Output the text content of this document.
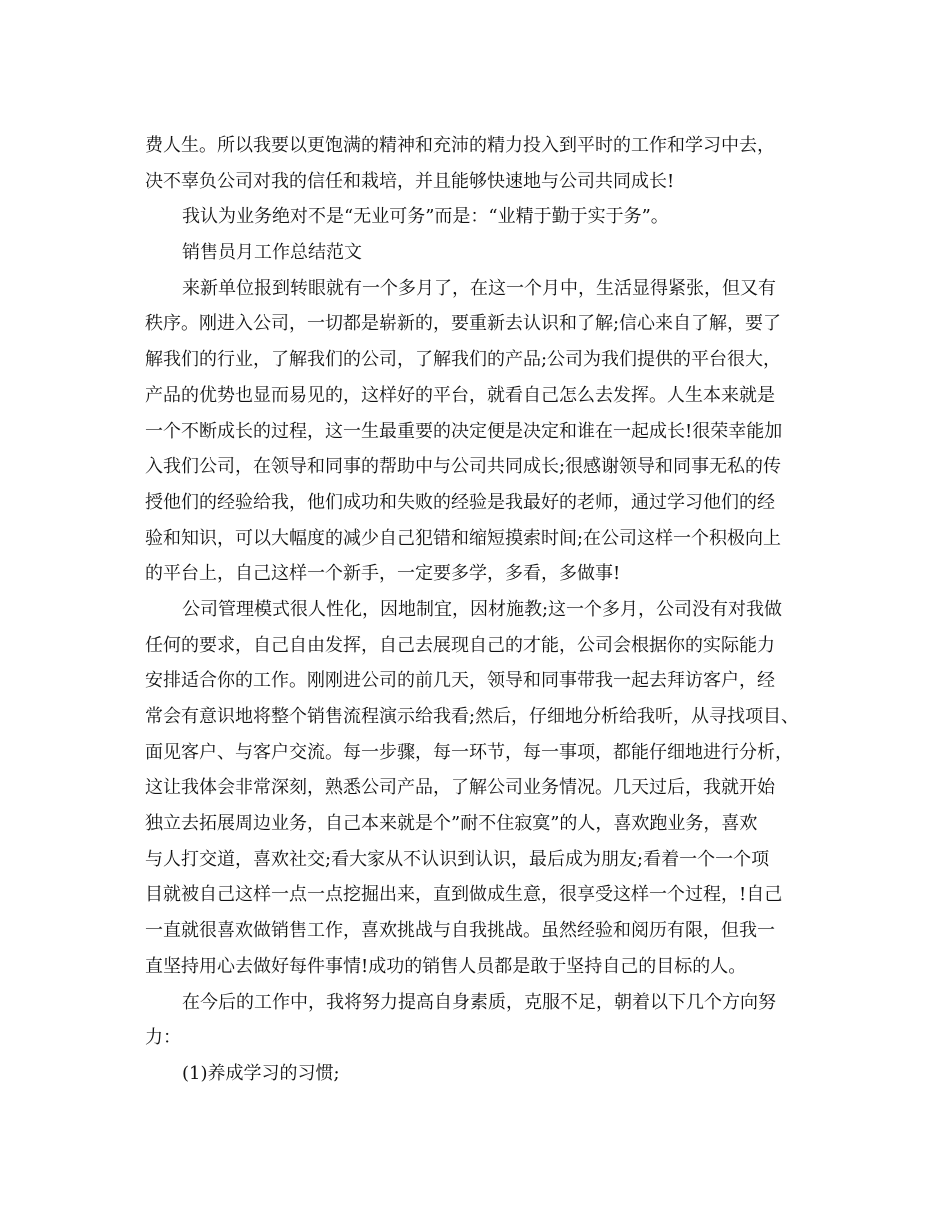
费人生。所以我要以更饱满的精神和充沛的精力投入到平时的工作和学习中去，
决不辜负公司对我的信任和栽培，并且能够快速地与公司共同成长!
我认为业务绝对不是“无业可务”而是：“业精于勤于实于务”。
销售员月工作总结范文
来新单位报到转眼就有一个多月了，在这一个月中，生活显得紧张，但又有
秩序。刚进入公司，一切都是崭新的，要重新去认识和了解;信心来自了解，要了
解我们的行业，了解我们的公司，了解我们的产品;公司为我们提供的平台很大，
产品的优势也显而易见的，这样好的平台，就看自己怎么去发挥。人生本来就是
一个不断成长的过程，这一生最重要的决定便是决定和谁在一起成长!很荣幸能加
入我们公司，在领导和同事的帮助中与公司共同成长;很感谢领导和同事无私的传
授他们的经验给我，他们成功和失败的经验是我最好的老师，通过学习他们的经
验和知识，可以大幅度的减少自己犯错和缩短摸索时间;在公司这样一个积极向上
的平台上，自己这样一个新手，一定要多学，多看，多做事!
公司管理模式很人性化，因地制宜，因材施教;这一个多月，公司没有对我做
任何的要求，自己自由发挥，自己去展现自己的才能，公司会根据你的实际能力
安排适合你的工作。刚刚进公司的前几天，领导和同事带我一起去拜访客户，经
常会有意识地将整个销售流程演示给我看;然后，仔细地分析给我听，从寻找项目、
面见客户、与客户交流。每一步骤，每一环节，每一事项，都能仔细地进行分析，
这让我体会非常深刻，熟悉公司产品，了解公司业务情况。几天过后，我就开始
独立去拓展周边业务，自己本来就是个”耐不住寂寞”的人，喜欢跑业务，喜欢
与人打交道，喜欢社交;看大家从不认识到认识，最后成为朋友;看着一个一个项
目就被自己这样一点一点挖掘出来，直到做成生意，很享受这样一个过程，!自己
一直就很喜欢做销售工作，喜欢挑战与自我挑战。虽然经验和阅历有限，但我一
直坚持用心去做好每件事情!成功的销售人员都是敢于坚持自己的目标的人。
在今后的工作中，我将努力提高自身素质，克服不足，朝着以下几个方向努
力：
(1)养成学习的习惯;
